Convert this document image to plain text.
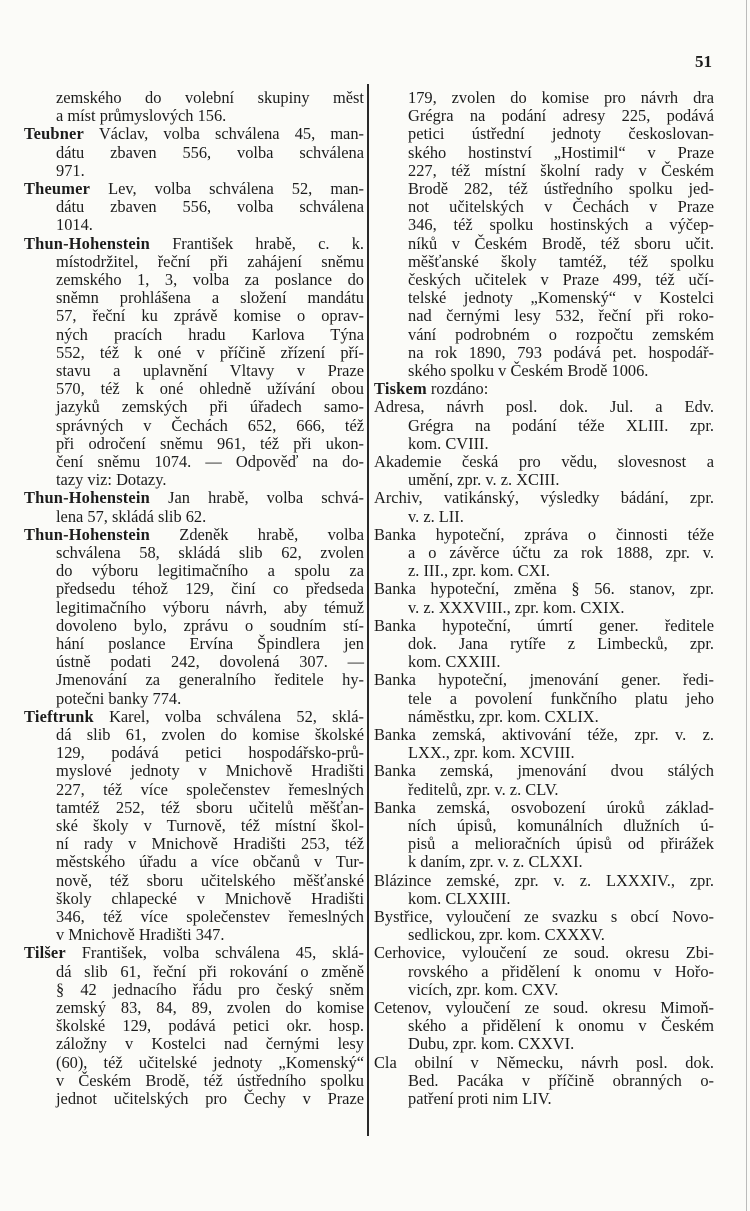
51
zemského do volební skupiny měst
a míst průmyslových 156.
Teubner Václav, volba schválena 45, man-
dátu zbaven 556, volba schválena
971.
Theumer Lev, volba schválena 52, man-
dátu zbaven 556, volba schválena
1014.
Thun-Hohenstein František hrabě, c. k.
místodržitel, řeční při zahájení sněmu
zemského 1, 3, volba za poslance do
sněmn prohlášena a složení mandátu
57, řeční ku zprávě komise o oprav-
ných pracích hradu Karlova Týna
552, též k oné v příčině zřízení pří-
stavu a uplavnění Vltavy v Praze
570, též k oné ohledně užívání obou
jazyků zemských při úřadech samo-
správných v Čechách 652, 666, též
při odročení sněmu 961, též při ukon-
čení sněmu 1074. — Odpověď na do-
tazy viz: Dotazy.
Thun-Hohenstein Jan hrabě, volba schvá-
lena 57, skládá slib 62.
Thun-Hohenstein Zdeněk hrabě, volba
schválena 58, skládá slib 62, zvolen
do výboru legitimačního a spolu za
předsedu téhož 129, činí co předseda
legitimačního výboru návrh, aby témuž
dovoleno bylo, zprávu o soudním stí-
hání poslance Ervína Špindlera jen
ústně podati 242, dovolená 307. —
Jmenování za generalního ředitele hy-
potečni banky 774.
Tieftrunk Karel, volba schválena 52, sklá-
dá slib 61, zvolen do komise školské
129, podává petici hospodářsko-prů-
myslové jednoty v Mnichově Hradišti
227, též více společenstev řemeslných
tamtéž 252, též sboru učitelů měšťan-
ské školy v Turnově, též místní škol-
ní rady v Mnichově Hradišti 253, též
městského úřadu a více občanů v Tur-
nově, též sboru učitelského měšťanské
školy chlapecké v Mnichově Hradišti
346, též více společenstev řemeslných
v Mnichově Hradišti 347.
Tilšer František, volba schválena 45, sklá-
dá slib 61, řeční při rokování o změně
§ 42 jednacího řádu pro český sněm
zemský 83, 84, 89, zvolen do komise
školské 129, podává petici okr. hosp.
záložny v Kostelci nad černými lesy
(60), též učitelské jednoty „Komenský“
v Českém Brodě, též ústředního spolku
jednot učitelských pro Čechy v Praze
179, zvolen do komise pro návrh dra
Grégra na podání adresy 225, podává
petici ústřední jednoty českoslovan-
ského hostinství „Hostimil“ v Praze
227, též místní školní rady v Českém
Brodě 282, též ústředního spolku jed-
not učitelských v Čechách v Praze
346, též spolku hostinských a výčep-
níků v Českém Brodě, též sboru učit.
měšťanské školy tamtéž, též spolku
českých učitelek v Praze 499, též učí-
telské jednoty „Komenský“ v Kostelci
nad černými lesy 532, řeční při roko-
vání podrobném o rozpočtu zemském
na rok 1890, 793 podává pet. hospodář-
ského spolku v Českém Brodě 1006.
Tiskem rozdáno:
Adresa, návrh posl. dok. Jul. a Edv.
Grégra na podání téže XLIII. zpr.
kom. CVIII.
Akademie česká pro vědu, slovesnost a
umění, zpr. v. z. XCIII.
Archiv, vatikánský, výsledky bádání, zpr.
v. z. LII.
Banka hypoteční, zpráva o činnosti téže
a o závěrce účtu za rok 1888, zpr. v.
z. III., zpr. kom. CXI.
Banka hypoteční, změna § 56. stanov, zpr.
v. z. XXXVIII., zpr. kom. CXIX.
Banka hypoteční, úmrtí gener. ředitele
dok. Jana rytíře z Limbecků, zpr.
kom. CXXIII.
Banka hypoteční, jmenování gener. ředi-
tele a povolení funkčního platu jeho
náměstku, zpr. kom. CXLIX.
Banka zemská, aktivování téže, zpr. v. z.
LXX., zpr. kom. XCVIII.
Banka zemská, jmenování dvou stálých
ředitelů, zpr. v. z. CLV.
Banka zemská, osvobození úroků základ-
ních úpisů, komunálních dlužních ú-
pisů a melioračních úpisů od přirážek
k daním, zpr. v. z. CLXXI.
Blázince zemské, zpr. v. z. LXXXIV., zpr.
kom. CLXXIII.
Bystřice, vyloučení ze svazku s obcí Novo-
sedlickou, zpr. kom. CXXXV.
Cerhovice, vyloučení ze soud. okresu Zbi-
rovského a přidělení k onomu v Hořo-
vicích, zpr. kom. CXV.
Cetenov, vyloučení ze soud. okresu Mimoň-
ského a přidělení k onomu v Českém
Dubu, zpr. kom. CXXVI.
Cla obilní v Německu, návrh posl. dok.
Bed. Pacáka v příčině obranných o-
patření proti nim LIV.
